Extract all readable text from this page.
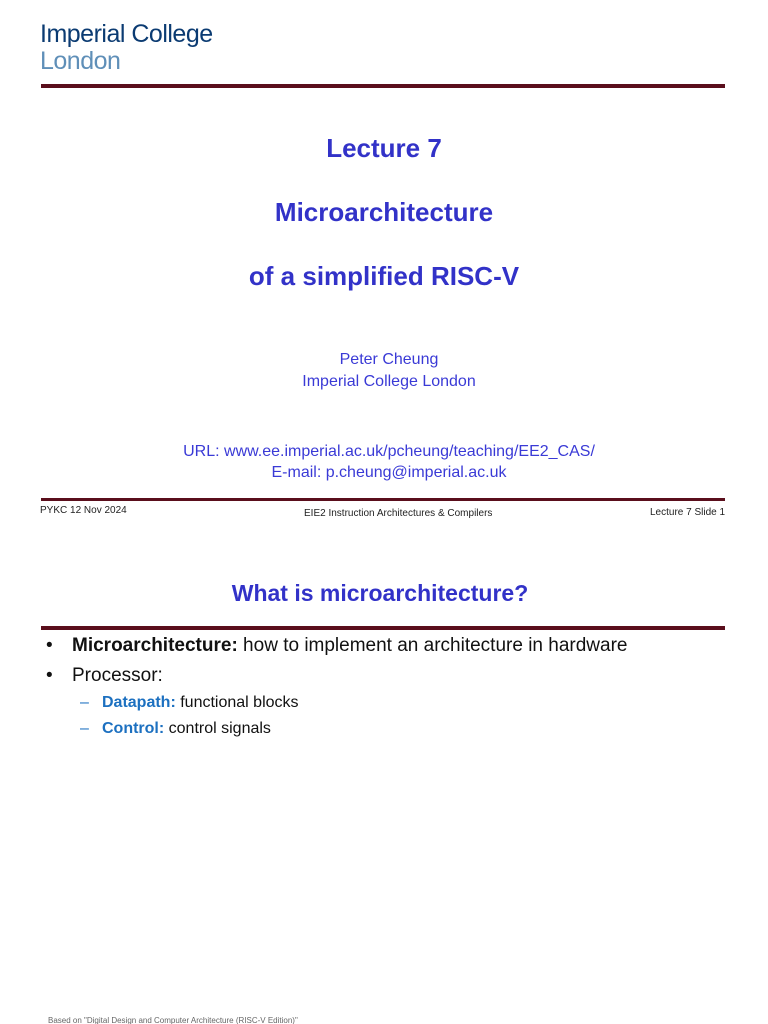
Imperial College
London
Lecture 7
Microarchitecture
of a simplified RISC-V
Peter Cheung
Imperial College London
URL: www.ee.imperial.ac.uk/pcheung/teaching/EE2_CAS/
E-mail: p.cheung@imperial.ac.uk
PYKC 12 Nov 2024	EIE2 Instruction Architectures & Compilers	Lecture 7 Slide 1
What is microarchitecture?
• Microarchitecture: how to implement an architecture in hardware
• Processor:
– Datapath: functional blocks
– Control: control signals
Based on "Digital Design and Computer Architecture (RISC-V Edition)"
